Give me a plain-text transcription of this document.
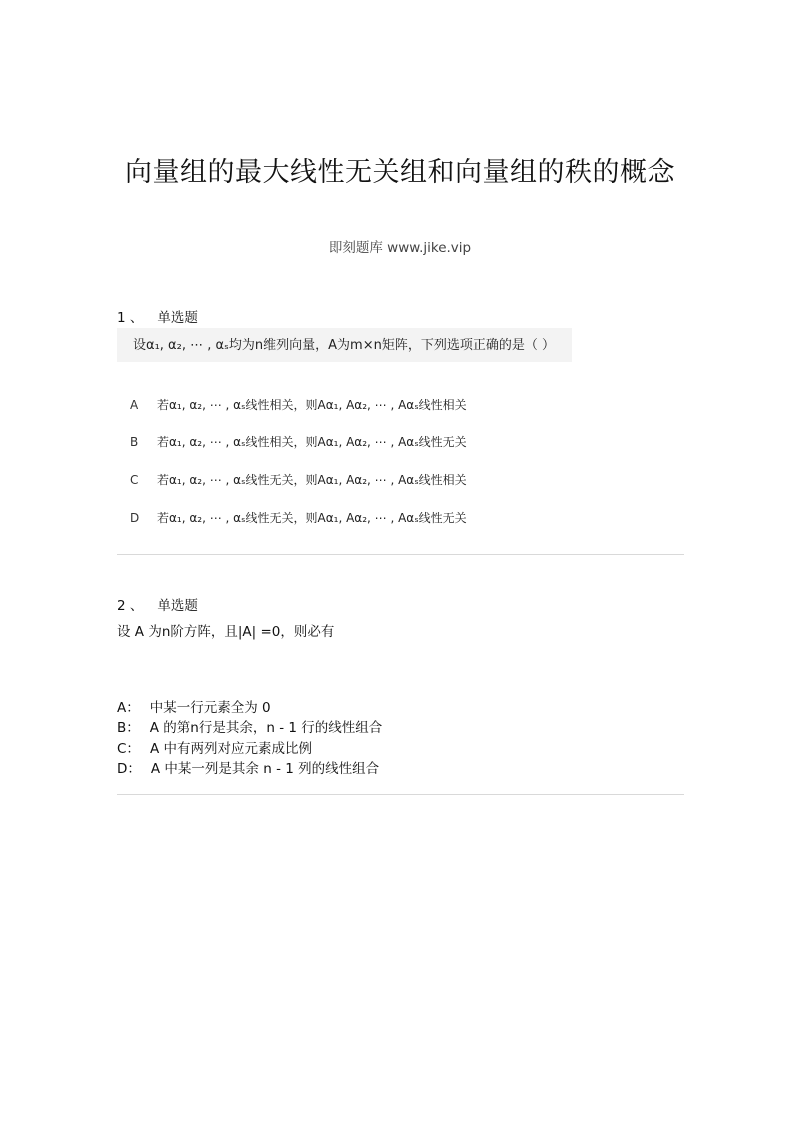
向量组的最大线性无关组和向量组的秩的概念
即刻题库 www.jike.vip
1 、 单选题
设α₁, α₂, ⋯ , αₛ均为n维列向量，A为m×n矩阵，下列选项正确的是（ ）
A 若α₁, α₂, ⋯ , αₛ线性相关，则Aα₁, Aα₂, ⋯ , Aαₛ线性相关
B 若α₁, α₂, ⋯ , αₛ线性相关，则Aα₁, Aα₂, ⋯ , Aαₛ线性无关
C 若α₁, α₂, ⋯ , αₛ线性无关，则Aα₁, Aα₂, ⋯ , Aαₛ线性相关
D 若α₁, α₂, ⋯ , αₛ线性无关，则Aα₁, Aα₂, ⋯ , Aαₛ线性无关
2 、 单选题
设 A 为n阶方阵，且|A| =0，则必有
A： 中某一行元素全为 0
B： A 的第n行是其余，n - 1 行的线性组合
C： A 中有两列对应元素成比例
D： A 中某一列是其余 n - 1 列的线性组合
